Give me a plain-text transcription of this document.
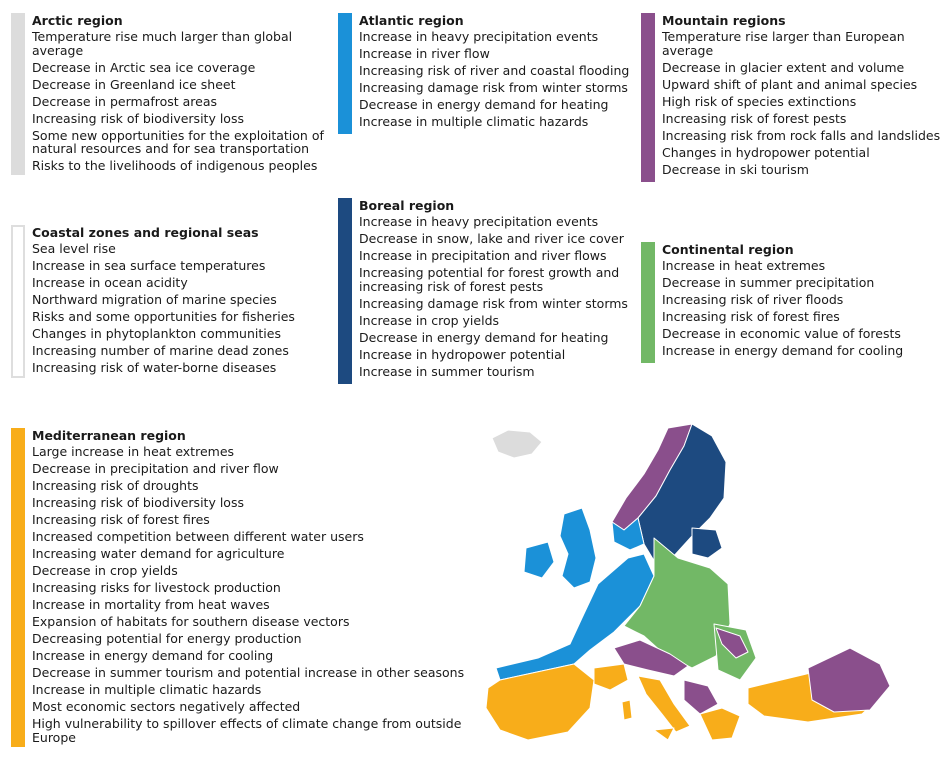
Arctic region
Temperature rise much larger than global average
Decrease in Arctic sea ice coverage
Decrease in Greenland ice sheet
Decrease in permafrost areas
Increasing risk of biodiversity loss
Some new opportunities for the exploitation of natural resources and for sea transportation
Risks to the livelihoods of indigenous peoples
Coastal zones and regional seas
Sea level rise
Increase in sea surface temperatures
Increase in ocean acidity
Northward migration of marine species
Risks and some opportunities for fisheries
Changes in phytoplankton communities
Increasing number of marine dead zones
Increasing risk of water-borne diseases
Mediterranean region
Large increase in heat extremes
Decrease in precipitation and river flow
Increasing risk of droughts
Increasing risk of biodiversity loss
Increasing risk of forest fires
Increased competition between different water users
Increasing water demand for agriculture
Decrease in crop yields
Increasing risks for livestock production
Increase in mortality from heat waves
Expansion of habitats for southern disease vectors
Decreasing potential for energy production
Increase in energy demand for cooling
Decrease in summer tourism and potential increase in other seasons
Increase in multiple climatic hazards
Most economic sectors negatively affected
High vulnerability to spillover effects of climate change from outside Europe
Atlantic region
Increase in heavy precipitation events
Increase in river flow
Increasing risk of river and coastal flooding
Increasing damage risk from winter storms
Decrease in energy demand for heating
Increase in multiple climatic hazards
Boreal region
Increase in heavy precipitation events
Decrease in snow, lake and river ice cover
Increase in precipitation and river flows
Increasing potential for forest growth and increasing risk of forest pests
Increasing damage risk from winter storms
Increase in crop yields
Decrease in energy demand for heating
Increase in hydropower potential
Increase in summer tourism
Mountain regions
Temperature rise larger than European average
Decrease in glacier extent and volume
Upward shift of plant and animal species
High risk of species extinctions
Increasing risk of forest pests
Increasing risk from rock falls and landslides
Changes in hydropower potential
Decrease in ski tourism
Continental region
Increase in heat extremes
Decrease in summer precipitation
Increasing risk of river floods
Increasing risk of forest fires
Decrease in economic value of forests
Increase in energy demand for cooling
